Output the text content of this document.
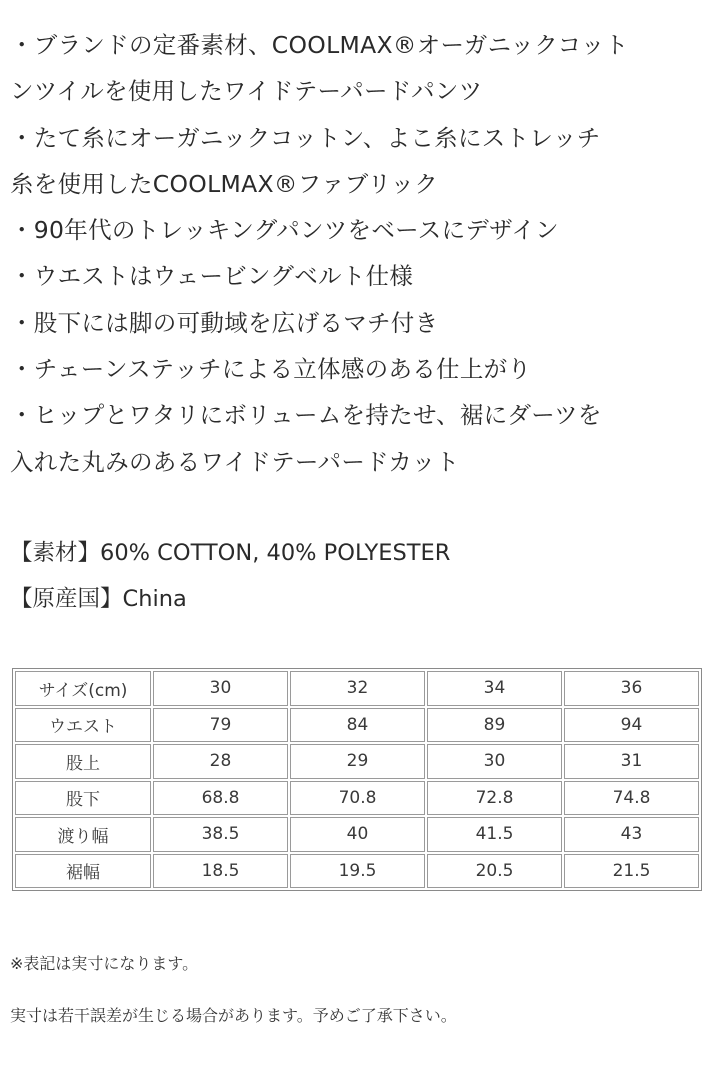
・ブランドの定番素材、COOLMAX®オーガニックコット
ンツイルを使用したワイドテーパードパンツ
・たて糸にオーガニックコットン、よこ糸にストレッチ
糸を使用したCOOLMAX®ファブリック
・90年代のトレッキングパンツをベースにデザイン
・ウエストはウェービングベルト仕様
・股下には脚の可動域を広げるマチ付き
・チェーンステッチによる立体感のある仕上がり
・ヒップとワタリにボリュームを持たせ、裾にダーツを
入れた丸みのあるワイドテーパードカット
【素材】60% COTTON, 40% POLYESTER
【原産国】China
サイズ(cm)	30	32	34	36
ウエスト	79	84	89	94
股上	28	29	30	31
股下	68.8	70.8	72.8	74.8
渡り幅	38.5	40	41.5	43
裾幅	18.5	19.5	20.5	21.5
※表記は実寸になります。
実寸は若干誤差が生じる場合があります。予めご了承下さい。
